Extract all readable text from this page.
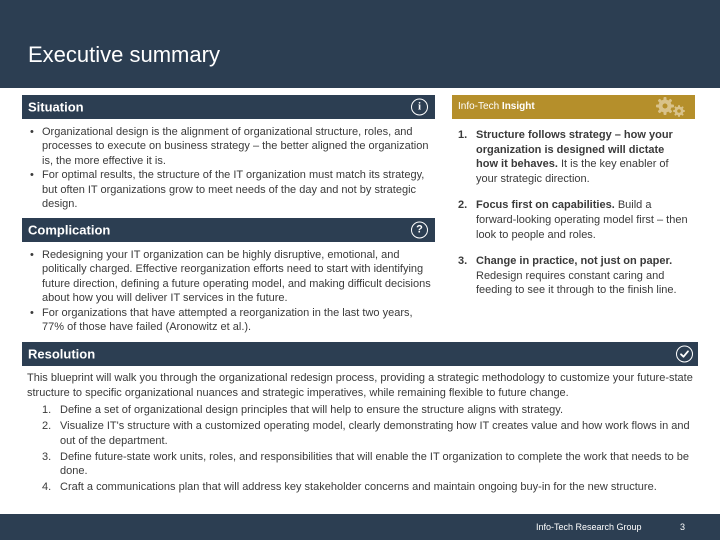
Executive summary
Situation	i
• Organizational design is the alignment of organizational structure, roles, and processes to execute on business strategy – the better aligned the organization is, the more effective it is.
• For optimal results, the structure of the IT organization must match its strategy, but often IT organizations grow to meet needs of the day and not by strategic design.
Complication	?
• Redesigning your IT organization can be highly disruptive, emotional, and politically charged. Effective reorganization efforts need to start with identifying future direction, defining a future operating model, and making difficult decisions about how you will deliver IT services in the future.
• For organizations that have attempted a reorganization in the last two years, 77% of those have failed (Aronowitz et al.).
Info-Tech Insight
1. Structure follows strategy – how your organization is designed will dictate how it behaves. It is the key enabler of your strategic direction.
2. Focus first on capabilities. Build a forward-looking operating model first – then look to people and roles.
3. Change in practice, not just on paper. Redesign requires constant caring and feeding to see it through to the finish line.
Resolution

This blueprint will walk you through the organizational redesign process, providing a strategic methodology to customize your future-state structure to specific organizational nuances and strategic imperatives, while remaining flexible to future change.

1. Define a set of organizational design principles that will help to ensure the structure aligns with strategy.
2. Visualize IT's structure with a customized operating model, clearly demonstrating how IT creates value and how work flows in and out of the department.
3. Define future-state work units, roles, and responsibilities that will enable the IT organization to complete the work that needs to be done.
4. Craft a communications plan that will address key stakeholder concerns and maintain ongoing buy-in for the new structure.
Info-Tech Research Group	3
